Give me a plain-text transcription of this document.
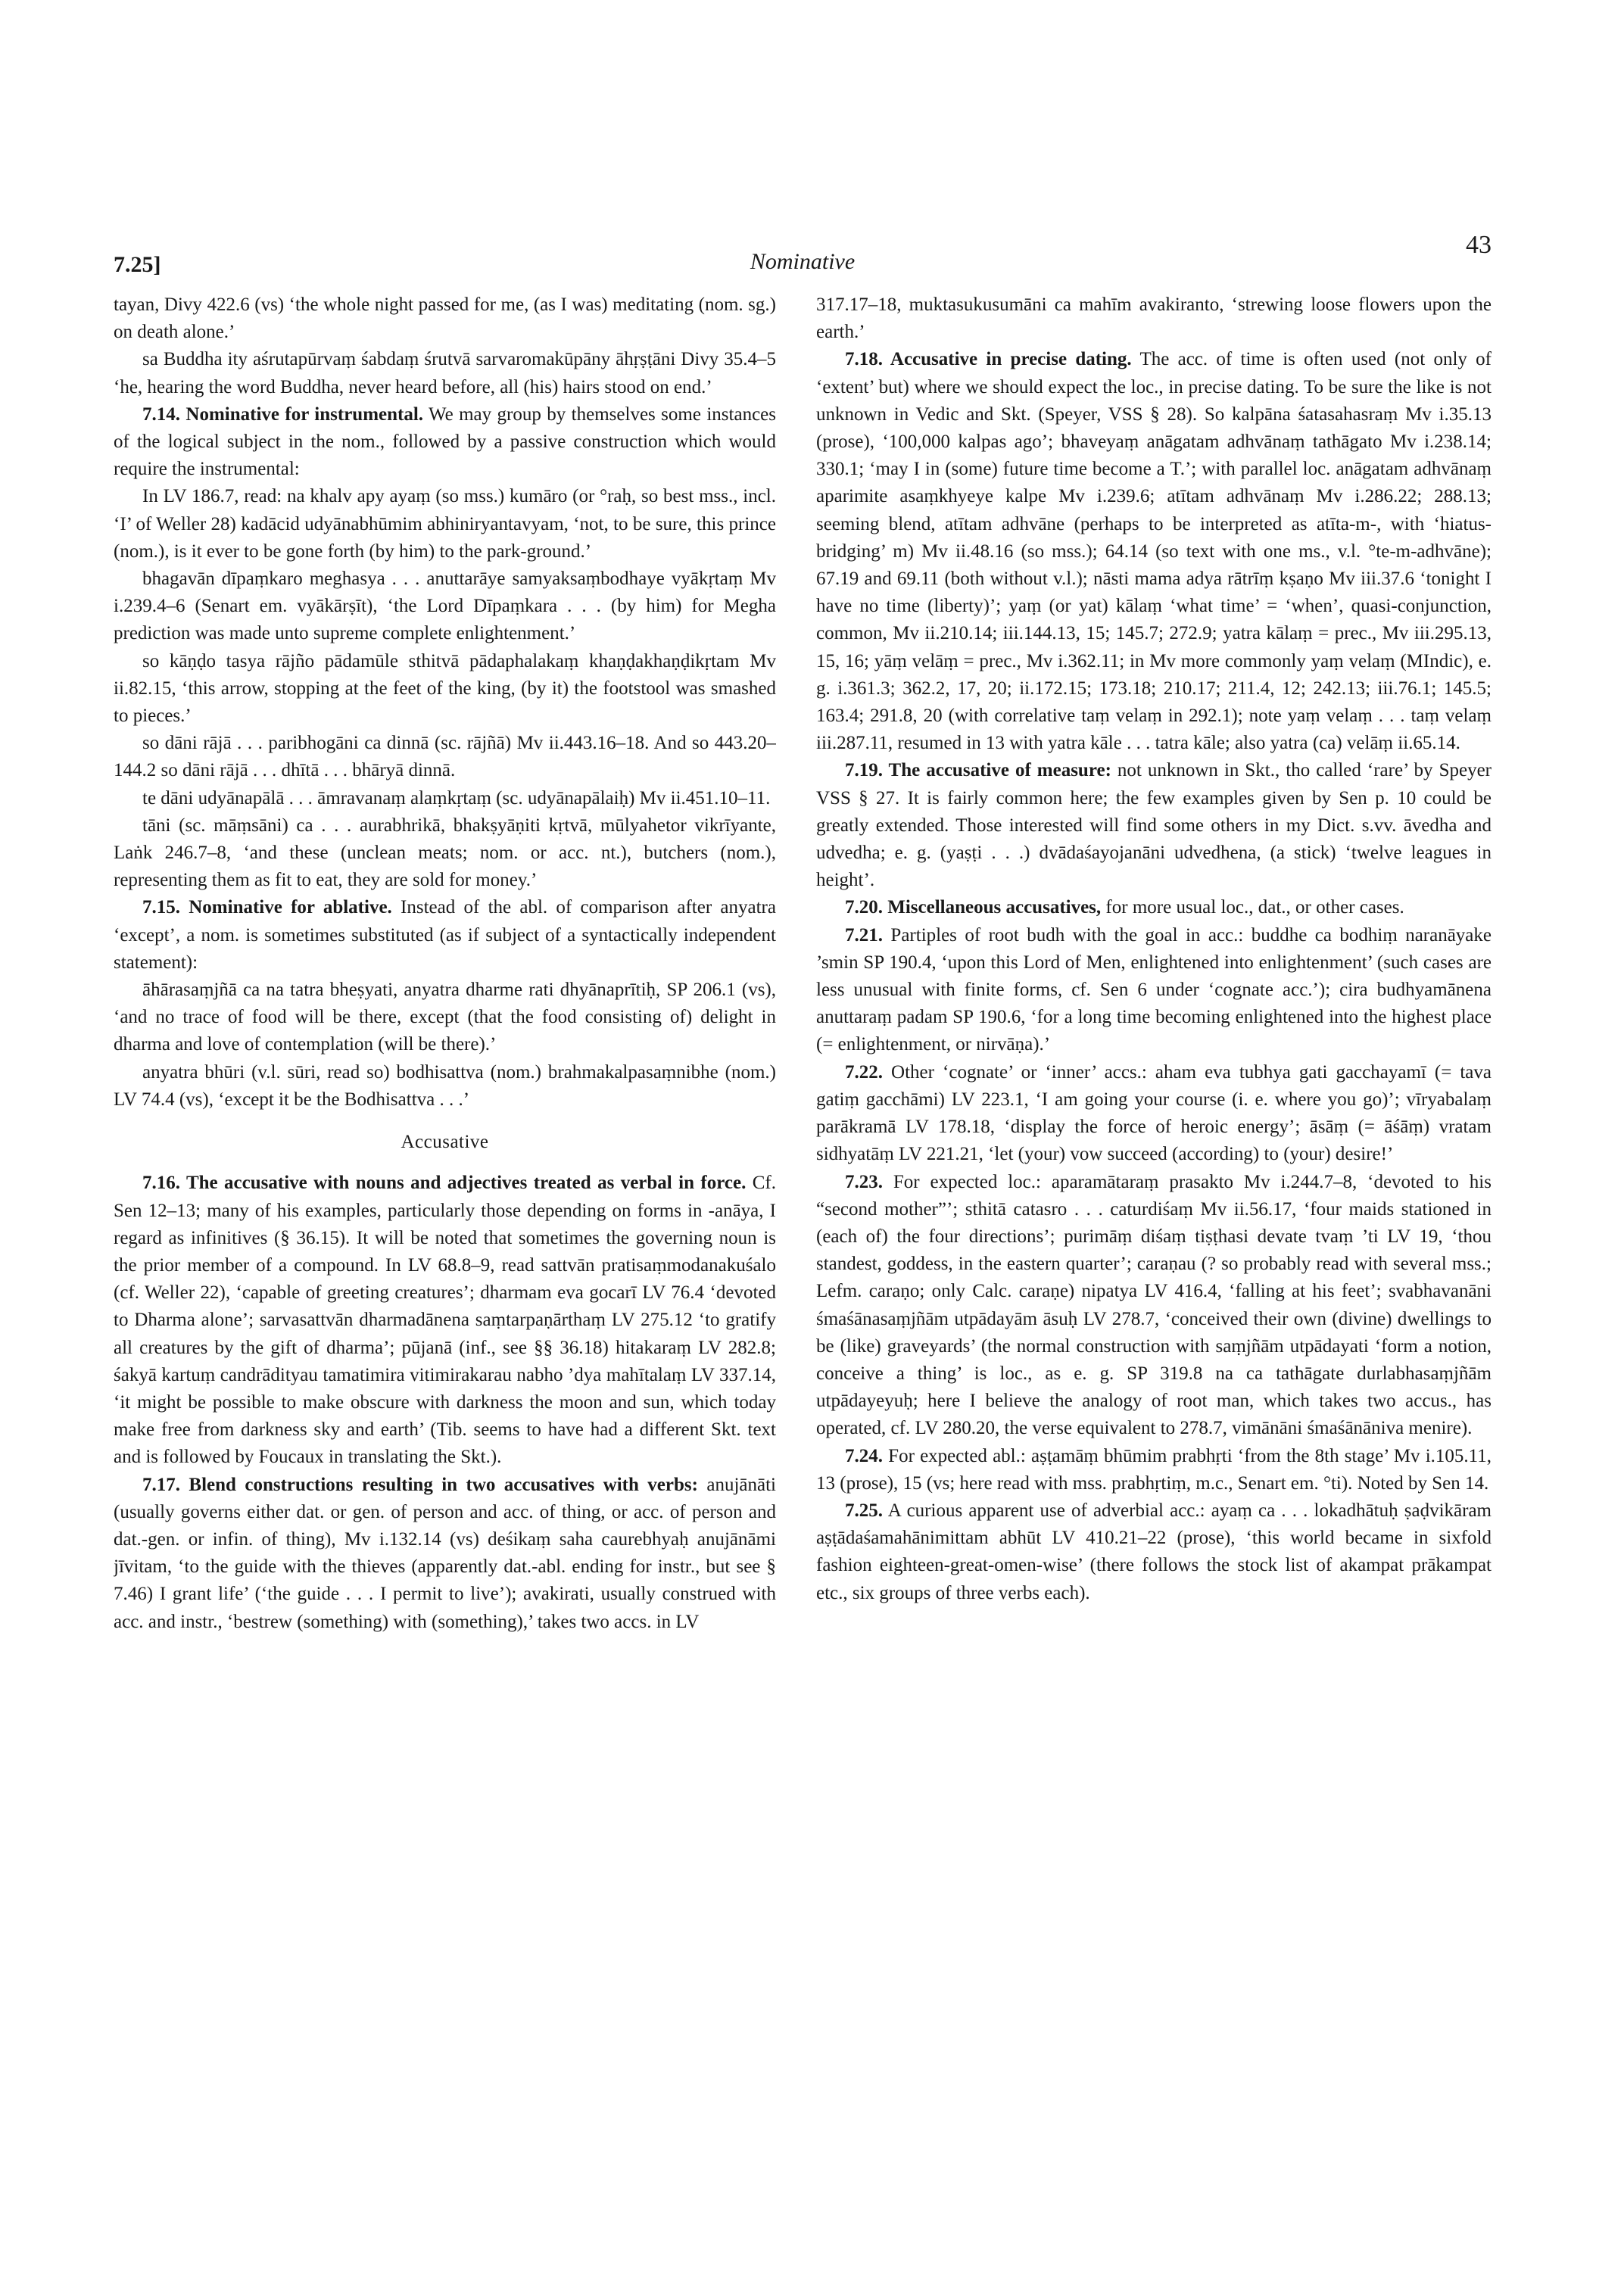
7.25]	Nominative
43

tayan, Divy 422.6 (vs) ‘the whole night passed for me, (as I was) meditating (nom. sg.) on death alone.’

sa Buddha ity aśrutapūrvaṃ śabdaṃ śrutvā sarvaromakūpāny āhṛṣṭāni Divy 35.4–5 ‘he, hearing the word Buddha, never heard before, all (his) hairs stood on end.’

7.14. Nominative for instrumental. We may group by themselves some instances of the logical subject in the nom., followed by a passive construction which would require the instrumental:

In LV 186.7, read: na khalv apy ayaṃ (so mss.) kumāro (or °raḥ, so best mss., incl. ‘I’ of Weller 28) kadācid udyānabhūmim abhiniryantavyam, ‘not, to be sure, this prince (nom.), is it ever to be gone forth (by him) to the park-ground.’

bhagavān dīpaṃkaro meghasya . . . anuttarāye samyaksaṃbodhaye vyākṛtaṃ Mv i.239.4–6 (Senart em. vyākārṣīt), ‘the Lord Dīpaṃkara . . . (by him) for Megha prediction was made unto supreme complete enlightenment.’

so kāṇḍo tasya rājño pādamūle sthitvā pādaphalakaṃ khaṇḍakhaṇḍikṛtam Mv ii.82.15, ‘this arrow, stopping at the feet of the king, (by it) the footstool was smashed to pieces.’

so dāni rājā . . . paribhogāni ca dinnā (sc. rājñā) Mv ii.443.16–18. And so 443.20–144.2 so dāni rājā . . . dhītā . . . bhāryā dinnā.

te dāni udyānapālā . . . āmravanaṃ alaṃkṛtaṃ (sc. udyānapālaiḥ) Mv ii.451.10–11.

tāni (sc. māṃsāni) ca . . . aurabhrikā, bhakṣyāṇiti kṛtvā, mūlyahetor vikrīyante, Laṅk 246.7–8, ‘and these (unclean meats; nom. or acc. nt.), butchers (nom.), representing them as fit to eat, they are sold for money.’

7.15. Nominative for ablative. Instead of the abl. of comparison after anyatra ‘except’, a nom. is sometimes substituted (as if subject of a syntactically independent statement):

āhārasaṃjñā ca na tatra bheṣyati, anyatra dharme rati dhyānaprītiḥ, SP 206.1 (vs), ‘and no trace of food will be there, except (that the food consisting of) delight in dharma and love of contemplation (will be there).’

anyatra bhūri (v.l. sūri, read so) bodhisattva (nom.) brahmakalpasaṃnibhe (nom.) LV 74.4 (vs), ‘except it be the Bodhisattva . . .’

Accusative

7.16. The accusative with nouns and adjectives treated as verbal in force. Cf. Sen 12–13; many of his examples, particularly those depending on forms in -anāya, I regard as infinitives (§ 36.15). It will be noted that sometimes the governing noun is the prior member of a compound. In LV 68.8–9, read sattvān pratisaṃmodanakuśalo (cf. Weller 22), ‘capable of greeting creatures’; dharmam eva gocarī LV 76.4 ‘devoted to Dharma alone’; sarvasattvān dharmadānena saṃtarpaṇārthaṃ LV 275.12 ‘to gratify all creatures by the gift of dharma’; pūjanā (inf., see §§ 36.18) hitakaraṃ LV 282.8; śakyā kartuṃ candrādityau tamatimira vitimirakarau nabho ’dya mahītalaṃ LV 337.14, ‘it might be possible to make obscure with darkness the moon and sun, which today make free from darkness sky and earth’ (Tib. seems to have had a different Skt. text and is followed by Foucaux in translating the Skt.).

7.17. Blend constructions resulting in two accusatives with verbs: anujānāti (usually governs either dat. or gen. of person and acc. of thing, or acc. of person and dat.-gen. or infin. of thing), Mv i.132.14 (vs) deśikaṃ saha caurebhyaḥ anujānāmi jīvitam, ‘to the guide with the thieves (apparently dat.-abl. ending for instr., but see § 7.46) I grant life’ (‘the guide . . . I permit to live’); avakirati, usually construed with acc. and instr., ‘bestrew (something) with (something),’ takes two accs. in LV

317.17–18, muktasukusumāni ca mahīm avakiranto, ‘strewing loose flowers upon the earth.’

7.18. Accusative in precise dating. The acc. of time is often used (not only of ‘extent’ but) where we should expect the loc., in precise dating. To be sure the like is not unknown in Vedic and Skt. (Speyer, VSS § 28). So kalpāna śatasahasraṃ Mv i.35.13 (prose), ‘100,000 kalpas ago’; bhaveyaṃ anāgatam adhvānaṃ tathāgato Mv i.238.14; 330.1; ‘may I in (some) future time become a T.’; with parallel loc. anāgatam adhvānaṃ aparimite asaṃkhyeye kalpe Mv i.239.6; atītam adhvānaṃ Mv i.286.22; 288.13; seeming blend, atītam adhvāne (perhaps to be interpreted as atīta-m-, with ‘hiatus-bridging’ m) Mv ii.48.16 (so mss.); 64.14 (so text with one ms., v.l. °te-m-adhvāne); 67.19 and 69.11 (both without v.l.); nāsti mama adya rātrīṃ kṣaṇo Mv iii.37.6 ‘tonight I have no time (liberty)’; yaṃ (or yat) kālaṃ ‘what time’ = ‘when’, quasi-conjunction, common, Mv ii.210.14; iii.144.13, 15; 145.7; 272.9; yatra kālaṃ = prec., Mv iii.295.13, 15, 16; yāṃ velāṃ = prec., Mv i.362.11; in Mv more commonly yaṃ velaṃ (MIndic), e. g. i.361.3; 362.2, 17, 20; ii.172.15; 173.18; 210.17; 211.4, 12; 242.13; iii.76.1; 145.5; 163.4; 291.8, 20 (with correlative taṃ velaṃ in 292.1); note yaṃ velaṃ . . . taṃ velaṃ iii.287.11, resumed in 13 with yatra kāle . . . tatra kāle; also yatra (ca) velāṃ ii.65.14.

7.19. The accusative of measure: not unknown in Skt., tho called ‘rare’ by Speyer VSS § 27. It is fairly common here; the few examples given by Sen p. 10 could be greatly extended. Those interested will find some others in my Dict. s.vv. āvedha and udvedha; e. g. (yaṣṭi . . .) dvādaśayojanāni udvedhena, (a stick) ‘twelve leagues in height’.

7.20. Miscellaneous accusatives, for more usual loc., dat., or other cases.

7.21. Partiples of root budh with the goal in acc.: buddhe ca bodhiṃ naranāyake ’smin SP 190.4, ‘upon this Lord of Men, enlightened into enlightenment’ (such cases are less unusual with finite forms, cf. Sen 6 under ‘cognate acc.’); cira budhyamānena anuttaraṃ padam SP 190.6, ‘for a long time becoming enlightened into the highest place (= enlightenment, or nirvāṇa).’

7.22. Other ‘cognate’ or ‘inner’ accs.: aham eva tubhya gati gacchayamī (= tava gatiṃ gacchāmi) LV 223.1, ‘I am going your course (i. e. where you go)’; vīryabalaṃ parākramā LV 178.18, ‘display the force of heroic energy’; āsāṃ (= āśāṃ) vratam sidhyatāṃ LV 221.21, ‘let (your) vow succeed (according) to (your) desire!’

7.23. For expected loc.: aparamātaraṃ prasakto Mv i.244.7–8, ‘devoted to his “second mother”’; sthitā catasro . . . caturdiśaṃ Mv ii.56.17, ‘four maids stationed in (each of) the four directions’; purimāṃ diśaṃ tiṣṭhasi devate tvaṃ ’ti LV 19, ‘thou standest, goddess, in the eastern quarter’; caraṇau (? so probably read with several mss.; Lefm. caraṇo; only Calc. caraṇe) nipatya LV 416.4, ‘falling at his feet’; svabhavanāni śmaśānasaṃjñām utpādayām āsuḥ LV 278.7, ‘conceived their own (divine) dwellings to be (like) graveyards’ (the normal construction with saṃjñām utpādayati ‘form a notion, conceive a thing’ is loc., as e. g. SP 319.8 na ca tathāgate durlabhasaṃjñām utpādayeyuḥ; here I believe the analogy of root man, which takes two accus., has operated, cf. LV 280.20, the verse equivalent to 278.7, vimānāni śmaśānāniva menire).

7.24. For expected abl.: aṣṭamāṃ bhūmim prabhṛti ‘from the 8th stage’ Mv i.105.11, 13 (prose), 15 (vs; here read with mss. prabhṛtiṃ, m.c., Senart em. °ti). Noted by Sen 14.

7.25. A curious apparent use of adverbial acc.: ayaṃ ca . . . lokadhātuḥ ṣaḍvikāram aṣṭādaśamahānimittam abhūt LV 410.21–22 (prose), ‘this world became in sixfold fashion eighteen-great-omen-wise’ (there follows the stock list of akampat prākampat etc., six groups of three verbs each).
